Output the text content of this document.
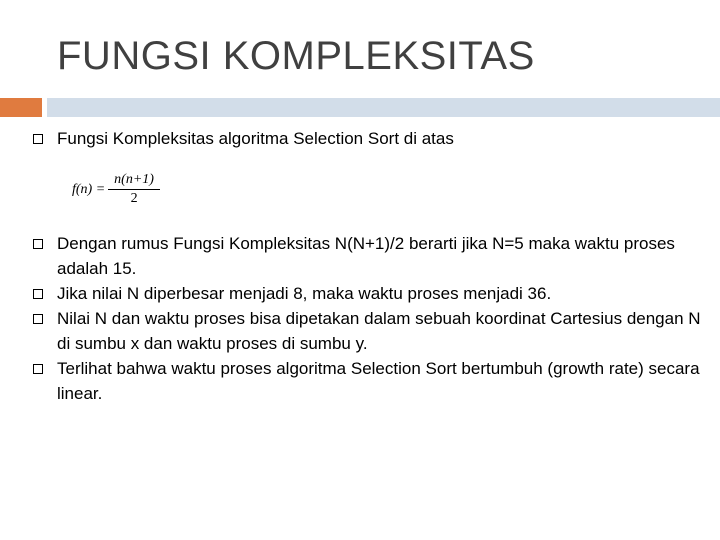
FUNGSI KOMPLEKSITAS
Fungsi Kompleksitas algoritma Selection Sort di atas
$f(n) = \frac{n(n+1)}{2}$
Dengan rumus Fungsi Kompleksitas N(N+1)/2 berarti jika N=5 maka waktu proses adalah 15.
Jika nilai N diperbesar menjadi 8, maka waktu proses menjadi 36.
Nilai N dan waktu proses bisa dipetakan dalam sebuah koordinat Cartesius dengan N di sumbu x dan waktu proses di sumbu y.
Terlihat bahwa waktu proses algoritma Selection Sort bertumbuh (growth rate) secara linear.
